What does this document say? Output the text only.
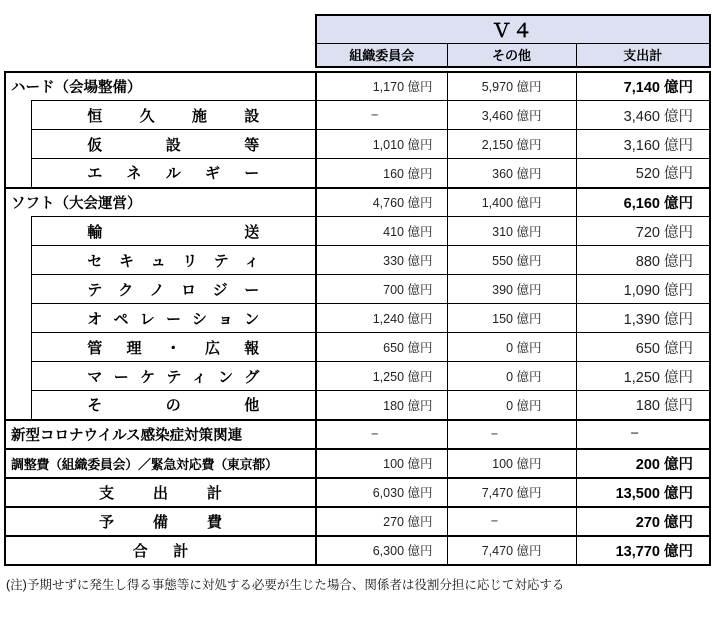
Ｖ４
組織委員会	その他	支出計
ハード（会場整備）		1,170 億円	5,970 億円	7,140 億円
	恒久施設	−	3,460 億円	3,460 億円
	仮設等	1,010 億円	2,150 億円	3,160 億円
	エネルギー	160 億円	360 億円	520 億円
ソフト（大会運営）		4,760 億円	1,400 億円	6,160 億円
	輸送	410 億円	310 億円	720 億円
	セキュリティ	330 億円	550 億円	880 億円
	テクノロジー	700 億円	390 億円	1,090 億円
	オペレーション	1,240 億円	150 億円	1,390 億円
	管理・広報	650 億円	0 億円	650 億円
	マーケティング	1,250 億円	0 億円	1,250 億円
	その他	180 億円	0 億円	180 億円
新型コロナウイルス感染症対策関連		−	−	−
調整費（組織委員会）／緊急対応費（東京都）		100 億円	100 億円	200 億円
支出計		6,030 億円	7,470 億円	13,500 億円
予備費		270 億円	−	270 億円
合計		6,300 億円	7,470 億円	13,770 億円
(注)予期せずに発生し得る事態等に対処する必要が生じた場合、関係者は役割分担に応じて対応する
